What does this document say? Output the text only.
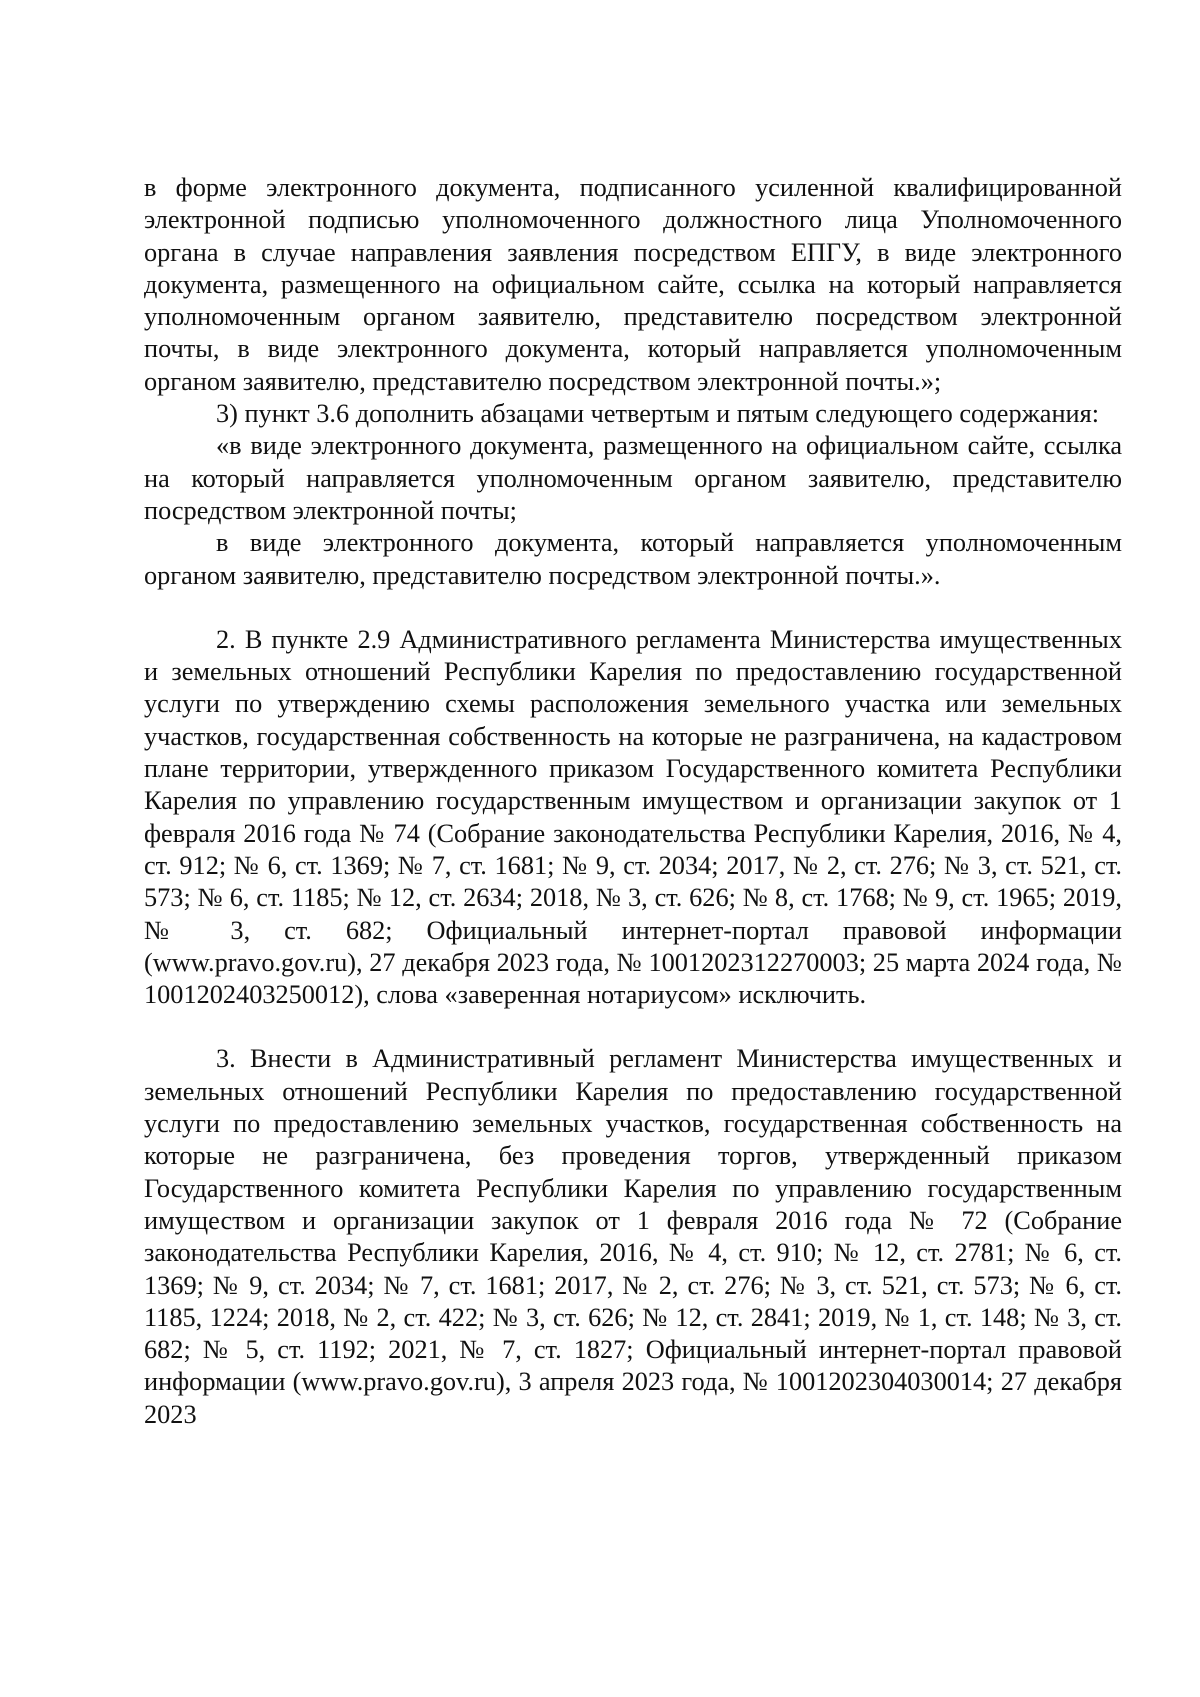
в форме электронного документа, подписанного усиленной квалифицированной электронной подписью уполномоченного должностного лица Уполномоченного органа в случае направления заявления посредством ЕПГУ, в виде электронного документа, размещенного на официальном сайте, ссылка на который направляется уполномоченным органом заявителю, представителю посредством электронной почты, в виде электронного документа, который направляется уполномоченным органом заявителю, представителю посредством электронной почты.»;

3) пункт 3.6 дополнить абзацами четвертым и пятым следующего содержания:

«в виде электронного документа, размещенного на официальном сайте, ссылка на который направляется уполномоченным органом заявителю, представителю посредством электронной почты;

в виде электронного документа, который направляется уполномоченным органом заявителю, представителю посредством электронной почты.».

2. В пункте 2.9 Административного регламента Министерства имущественных и земельных отношений Республики Карелия по предоставлению государственной услуги по утверждению схемы расположения земельного участка или земельных участков, государственная собственность на которые не разграничена, на кадастровом плане территории, утвержденного приказом Государственного комитета Республики Карелия по управлению государственным имуществом и организации закупок от 1 февраля 2016 года № 74 (Собрание законодательства Республики Карелия, 2016, № 4, ст. 912; № 6, ст. 1369; № 7, ст. 1681; № 9, ст. 2034; 2017, № 2, ст. 276; № 3, ст. 521, ст. 573; № 6, ст. 1185; № 12, ст. 2634; 2018, № 3, ст. 626; № 8, ст. 1768; № 9, ст. 1965; 2019, № 3, ст. 682; Официальный интернет-портал правовой информации (www.pravo.gov.ru), 27 декабря 2023 года, № 1001202312270003; 25 марта 2024 года, № 1001202403250012), слова «заверенная нотариусом» исключить.

3. Внести в Административный регламент Министерства имущественных и земельных отношений Республики Карелия по предоставлению государственной услуги по предоставлению земельных участков, государственная собственность на которые не разграничена, без проведения торгов, утвержденный приказом Государственного комитета Республики Карелия по управлению государственным имуществом и организации закупок от 1 февраля 2016 года № 72 (Собрание законодательства Республики Карелия, 2016, № 4, ст. 910; № 12, ст. 2781; № 6, ст. 1369; № 9, ст. 2034; № 7, ст. 1681; 2017, № 2, ст. 276; № 3, ст. 521, ст. 573; № 6, ст. 1185, 1224; 2018, № 2, ст. 422; № 3, ст. 626; № 12, ст. 2841; 2019, № 1, ст. 148; № 3, ст. 682; № 5, ст. 1192; 2021, № 7, ст. 1827; Официальный интернет-портал правовой информации (www.pravo.gov.ru), 3 апреля 2023 года, № 1001202304030014; 27 декабря 2023
